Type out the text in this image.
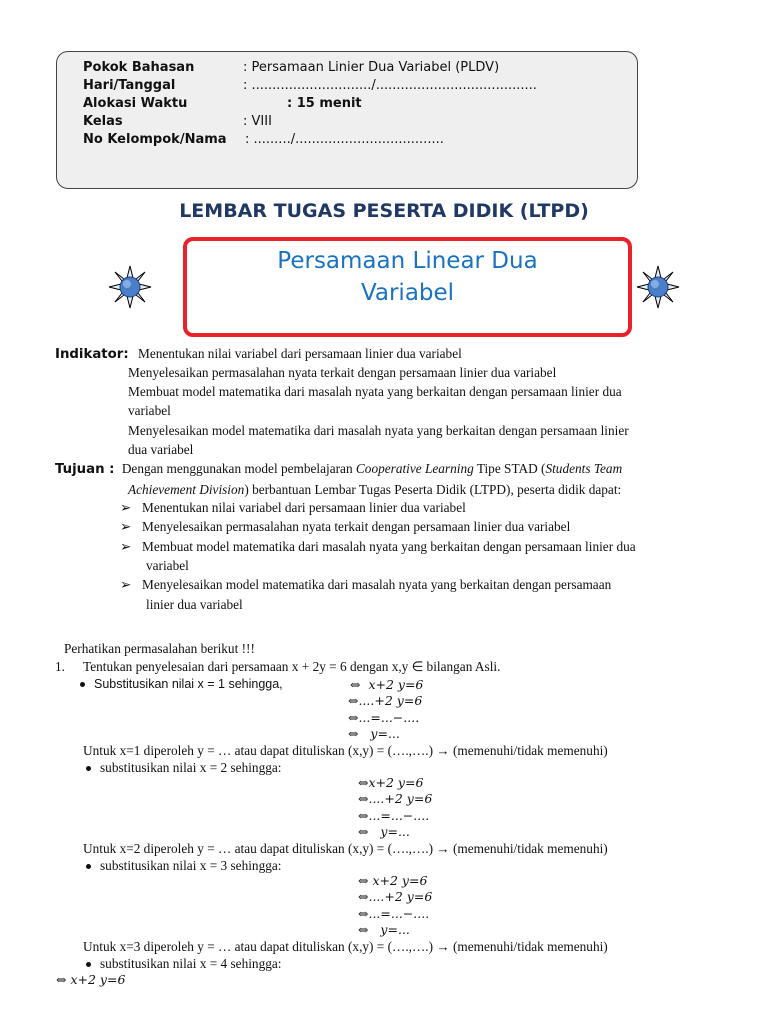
Pokok Bahasan	: Persamaan Linier Dua Variabel (PLDV)
Hari/Tanggal	: ............................./.......................................
Alokasi Waktu	: 15 menit
Kelas	: VIII
No Kelompok/Nama : ........./....................................
LEMBAR TUGAS PESERTA DIDIK (LTPD)
Persamaan Linear Dua
Variabel
Indikator: Menentukan nilai variabel dari persamaan linier dua variabel
Menyelesaikan permasalahan nyata terkait dengan persamaan linier dua variabel
Membuat model matematika dari masalah nyata yang berkaitan dengan persamaan linier dua
variabel
Menyelesaikan model matematika dari masalah nyata yang berkaitan dengan persamaan linier
dua variabel
Tujuan : Dengan menggunakan model pembelajaran Cooperative Learning Tipe STAD (Students Team
Achievement Division) berbantuan Lembar Tugas Peserta Didik (LTPD), peserta didik dapat:
➢ Menentukan nilai variabel dari persamaan linier dua variabel
➢ Menyelesaikan permasalahan nyata terkait dengan persamaan linier dua variabel
➢ Membuat model matematika dari masalah nyata yang berkaitan dengan persamaan linier dua
variabel
➢ Menyelesaikan model matematika dari masalah nyata yang berkaitan dengan persamaan
linier dua variabel
Perhatikan permasalahan berikut !!!
1. Tentukan penyelesaian dari persamaan x + 2y = 6 dengan x,y ∈ bilangan Asli.
Substitusikan nilai x = 1 sehingga,	⇔ x+2 y=6
⇔....+2 y=6
⇔...=...−....
⇔ y=...
Untuk x=1 diperoleh y = … atau dapat dituliskan (x,y) = (….,….) → (memenuhi/tidak memenuhi)
substitusikan nilai x = 2 sehingga:
⇔x+2 y=6
⇔....+2 y=6
⇔...=...−....
⇔ y=...
Untuk x=2 diperoleh y = … atau dapat dituliskan (x,y) = (….,….) → (memenuhi/tidak memenuhi)
substitusikan nilai x = 3 sehingga:
⇔ x+2 y=6
⇔....+2 y=6
⇔...=...−....
⇔ y=...
Untuk x=3 diperoleh y = … atau dapat dituliskan (x,y) = (….,….) → (memenuhi/tidak memenuhi)
substitusikan nilai x = 4 sehingga:
⇔ x+2 y=6
